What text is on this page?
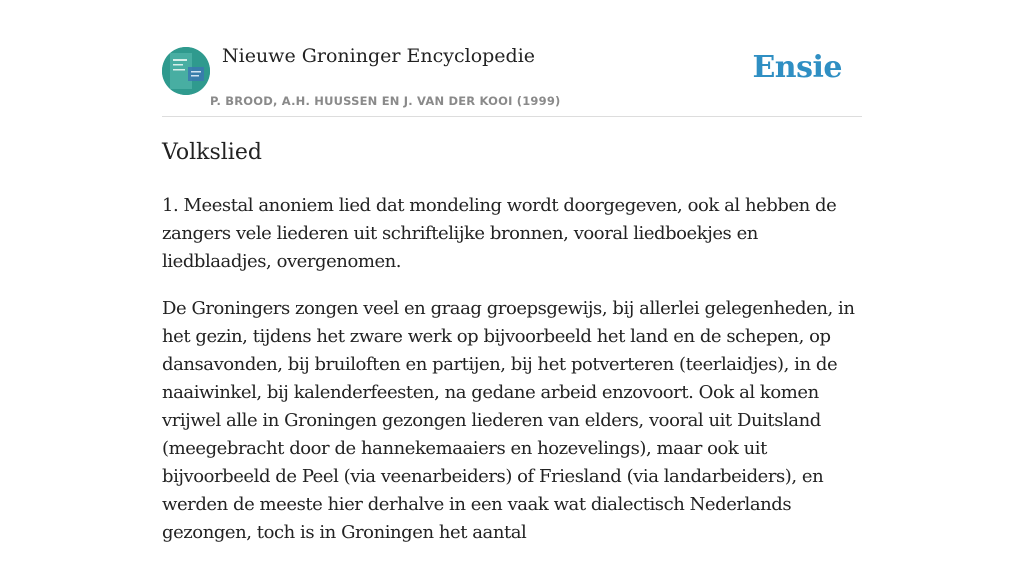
Nieuwe Groninger Encyclopedie
P. BROOD, A.H. HUUSSEN EN J. VAN DER KOOI (1999)
Ensie
Volkslied

1. Meestal anoniem lied dat mondeling wordt doorgegeven, ook al hebben de zangers vele liederen uit schriftelijke bronnen, vooral liedboekjes en liedblaadjes, overgenomen.

De Groningers zongen veel en graag groepsgewijs, bij allerlei gelegenheden, in het gezin, tijdens het zware werk op bijvoorbeeld het land en de schepen, op dansavonden, bij bruiloften en partijen, bij het potverteren (teerlaidjes), in de naaiwinkel, bij kalenderfeesten, na gedane arbeid enzovoort. Ook al komen vrijwel alle in Groningen gezongen liederen van elders, vooral uit Duitsland (meegebracht door de hannekemaaiers en hozevelings), maar ook uit bijvoorbeeld de Peel (via veenarbeiders) of Friesland (via landarbeiders), en werden de meeste hier derhalve in een vaak wat dialectisch Nederlands gezongen, toch is in Groningen het aantal
